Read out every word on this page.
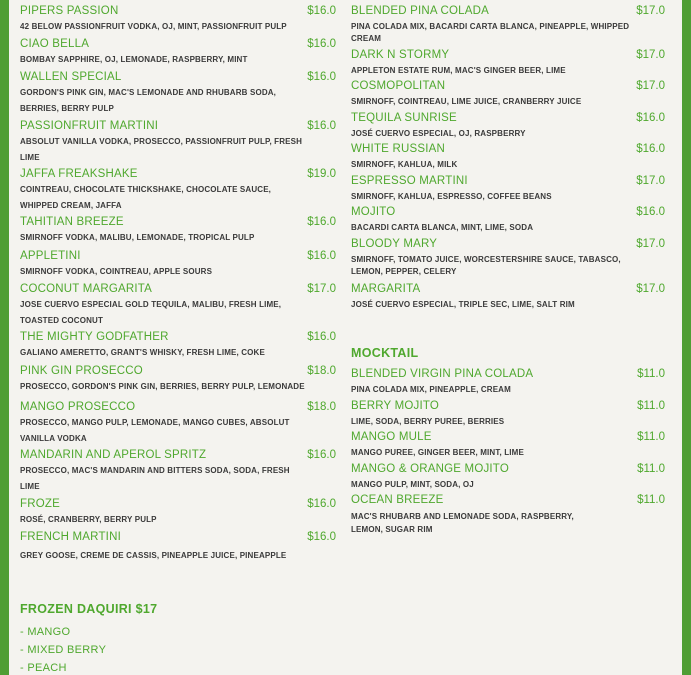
PIPERS PASSION	$16.0
42 BELOW PASSIONFRUIT VODKA, OJ, MINT, PASSIONFRUIT PULP
CIAO BELLA	$16.0
BOMBAY SAPPHIRE, OJ, LEMONADE, RASPBERRY, MINT
WALLEN SPECIAL	$16.0
GORDON'S PINK GIN, MAC'S LEMONADE AND RHUBARB SODA, BERRIES, BERRY PULP
PASSIONFRUIT MARTINI	$16.0
ABSOLUT VANILLA VODKA, PROSECCO, PASSIONFRUIT PULP, FRESH LIME
JAFFA FREAKSHAKE	$19.0
COINTREAU, CHOCOLATE THICKSHAKE, CHOCOLATE SAUCE, WHIPPED CREAM, JAFFA
TAHITIAN BREEZE	$16.0
SMIRNOFF VODKA, MALIBU, LEMONADE, TROPICAL PULP
APPLETINI	$16.0
SMIRNOFF VODKA, COINTREAU, APPLE SOURS
COCONUT MARGARITA	$17.0
JOSE CUERVO ESPECIAL GOLD TEQUILA, MALIBU, FRESH LIME, TOASTED COCONUT
THE MIGHTY GODFATHER	$16.0
GALIANO AMERETTO, GRANT'S WHISKY, FRESH LIME, COKE
PINK GIN PROSECCO	$18.0
PROSECCO, GORDON'S PINK GIN, BERRIES, BERRY PULP, LEMONADE
MANGO PROSECCO	$18.0
PROSECCO, MANGO PULP, LEMONADE, MANGO CUBES, ABSOLUT VANILLA VODKA
MANDARIN AND APEROL SPRITZ	$16.0
PROSECCO, MAC'S MANDARIN AND BITTERS SODA, SODA, FRESH LIME
FROZE	$16.0
ROSÉ, CRANBERRY, BERRY PULP
FRENCH MARTINI	$16.0
GREY GOOSE, CREME DE CASSIS, PINEAPPLE JUICE, PINEAPPLE
BLENDED PINA COLADA	$17.0
PINA COLADA MIX, BACARDI CARTA BLANCA, PINEAPPLE, WHIPPED CREAM
DARK N STORMY	$17.0
APPLETON ESTATE RUM, MAC'S GINGER BEER, LIME
COSMOPOLITAN	$17.0
SMIRNOFF, COINTREAU, LIME JUICE, CRANBERRY JUICE
TEQUILA SUNRISE	$16.0
JOSÉ CUERVO ESPECIAL, OJ, RASPBERRY
WHITE RUSSIAN	$16.0
SMIRNOFF, KAHLUA, MILK
ESPRESSO MARTINI	$17.0
SMIRNOFF, KAHLUA, ESPRESSO, COFFEE BEANS
MOJITO	$16.0
BACARDI CARTA BLANCA, MINT, LIME, SODA
BLOODY MARY	$17.0
SMIRNOFF, TOMATO JUICE, WORCESTERSHIRE SAUCE, TABASCO, LEMON, PEPPER, CELERY
MARGARITA	$17.0
JOSÉ CUERVO ESPECIAL, TRIPLE SEC, LIME, SALT RIM
MOCKTAIL
BLENDED VIRGIN PINA COLADA	$11.0
PINA COLADA MIX, PINEAPPLE, CREAM
BERRY MOJITO	$11.0
LIME, SODA, BERRY PUREE, BERRIES
MANGO MULE	$11.0
MANGO PUREE, GINGER BEER, MINT, LIME
MANGO & ORANGE MOJITO	$11.0
MANGO PULP, MINT, SODA, OJ
OCEAN BREEZE	$11.0
MAC'S RHUBARB AND LEMONADE SODA, RASPBERRY, LEMON, SUGAR RIM
FROZEN DAQUIRI $17
- MANGO
- MIXED BERRY
- PEACH
